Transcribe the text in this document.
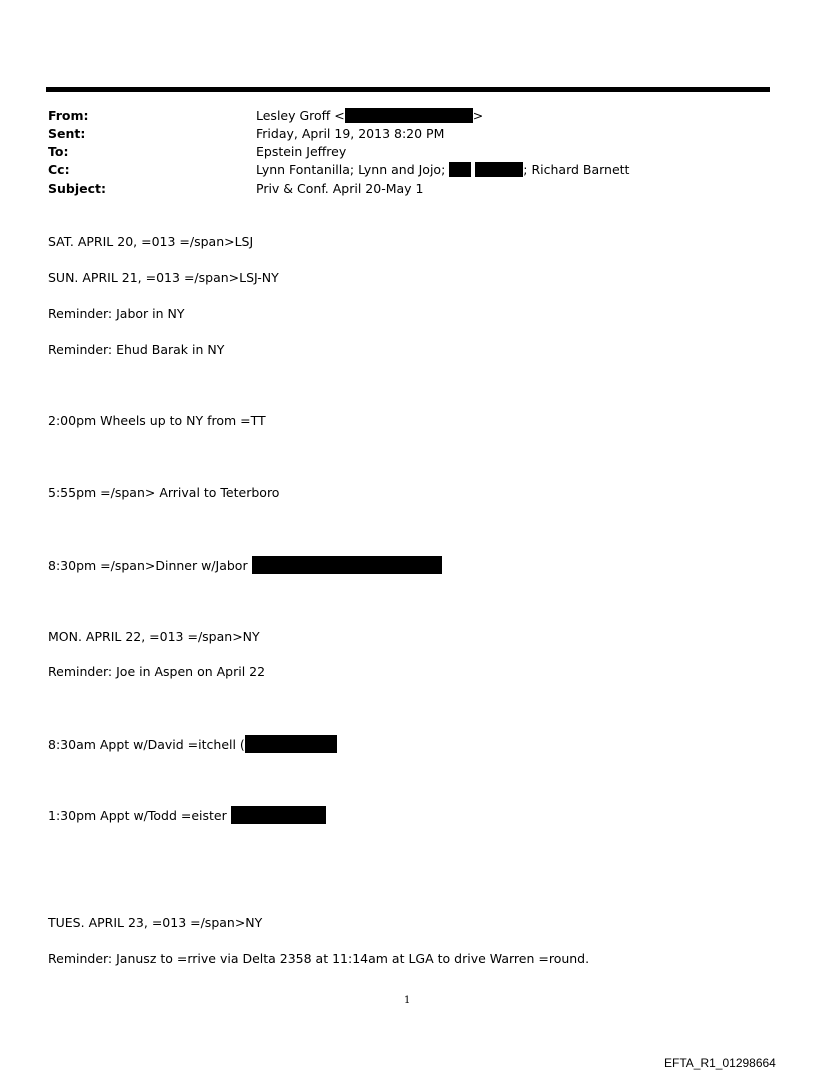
From:	Lesley Groff <	>
Sent:	Friday, April 19, 2013 8:20 PM
To:	Epstein Jeffrey
Cc:	Lynn Fontanilla; Lynn and Jojo;	; Richard Barnett
Subject:	Priv & Conf. April 20-May 1
SAT. APRIL 20, =013 =/span>LSJ
SUN. APRIL 21, =013 =/span>LSJ-NY
Reminder: Jabor in NY
Reminder: Ehud Barak in NY
2:00pm Wheels up to NY from =TT
5:55pm =/span> Arrival to Teterboro
8:30pm =/span>Dinner w/Jabor
MON. APRIL 22, =013 =/span>NY
Reminder: Joe in Aspen on April 22
8:30am Appt w/David =itchell (
1:30pm Appt w/Todd =eister
TUES. APRIL 23, =013 =/span>NY
Reminder: Janusz to =rrive via Delta 2358 at 11:14am at LGA to drive Warren =round.
1
EFTA_R1_01298664
